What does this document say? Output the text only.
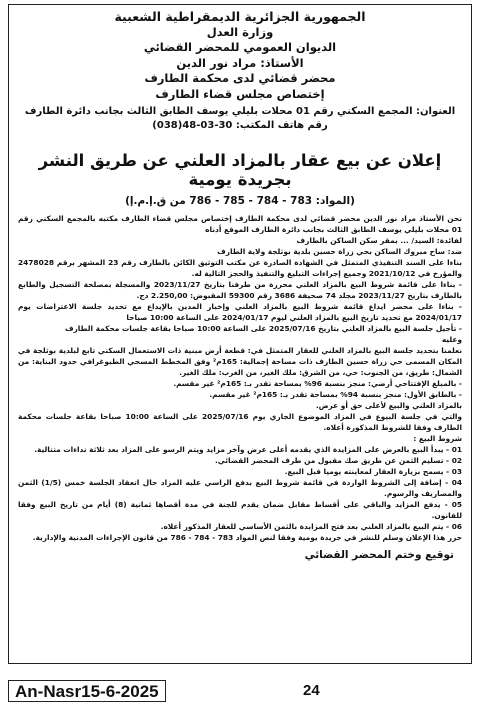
الجمهورية الجزائرية الديمقراطية الشعبية
وزارة العدل
الديوان العمومي للمحضر القضائي
الأستاذ: مراد نور الدين
محضر قضائي لدى محكمة الطارف
إختصاص مجلس قضاء الطارف
العنوان: المجمع السكني رقم 01 محلات بليلي يوسف الطابق الثالث بجانب دائرة الطارف
رقم هاتف المكتب: 30-03-48(038)
إعلان عن بيع عقار بالمزاد العلني عن طريق النشر بجريدة يومية
(المواد: 783 - 784 - 785 - 786 من ق.إ.م.إ)

نحن الأستاذ مراد نور الدين محضر قضائي لدى محكمة الطارف إختصاص مجلس قضاء الطارف مكتبه بالمجمع السكني رقم 01 محلات بليلي يوسف الطابق الثالث بجانب دائرة الطارف الموقع أدناه

لفائدة: السيد/ ... بمقر سكن الساكن بالطارف

ضد: ساح مبروك الساكن بحي زراة حسين بلدية بوثلجة ولاية الطارف

بناءا على السند التنفيذي المتمثل في الشهادة الصادرة عن مكتب التوثيق الكائن بالطارف رقم 23 المشهر برقم 2478028 والمؤرخ في 2021/10/12 وجميع إجراءات التبليغ والتنفيذ والحجز التالية له.

- بناءا على قائمة شروط البيع بالمزاد العلني محررة من طرفنا بتاريخ 2023/11/27 والمسجلة بمصلحة التسجيل والطابع بالطارف بتاريخ 2023/11/27 مجلد 74 صحيفة 3686 رقم 59300 المقبوض: 2.250,00 دج.

- بناءا على محضر ايداع قائمة شروط البيع بالمزاد العلني وإخبار المدين بالإيداع مع تحديد جلسة الاعتراضات يوم 2024/01/17 مع تحديد تاريخ البيع بالمزاد العلني ليوم 2024/01/17 على الساعة 10:00 صباحا

- تأجيل جلسة البيع بالمزاد العلني بتاريخ 2025/07/16 على الساعة 10:00 صباحا بقاعة جلسات محكمة الطارف

وعليه

نعلمنا بتحديد جلسة البيع بالمزاد العلني للعقار المتمثل في: قطعة أرض مبنية ذات الاستعمال السكني تابع لبلدية بوثلجة في المكان المسمى حي زراة حسين الطارف ذات مساحة إجمالية: 165م² وفق المخطط المسحي الطبوغرافي حدود البناية: من الشمال: طريق، من الجنوب: حي، من الشرق: ملك الغير، من الغرب: ملك الغير.

- بالمبلغ الإفتتاحي أرضي: منجز بنسبة 96% بمساحة تقدر بـ: 165م² غير مقسم.

- بالطابق الأول: منجز بنسبة 94% بمساحة تقدر بـ: 165م² غير مقسم.

بالمزاد العلني والبيع لأعلى حق أو عرض.

والتي في جلسة البيوع في المزاد الموضوع الجاري يوم 2025/07/16 على الساعة 10:00 صباحا بقاعة جلسات محكمة الطارف وفقا للشروط المذكورة أعلاه.

شروط البيع :

01 - يبدأ البيع بالعرض على المزايدة الذي يقدمه أعلى عرض وآخر مزايد ويتم الرسو على المزاد بعد ثلاثة نداءات متتالية.

02 - تسليم الثمن عن طريق صك مقبول من طرف المحضر القضائي.

03 - يسمح بزيارة العقار لمعاينته يوميا قبل البيع.

04 - إضافة إلى الشروط الواردة في قائمة شروط البيع بدفع الراسي عليه المزاد حال انعقاد الجلسة خمس (1/5) الثمن والمصاريف والرسوم.

05 - يدفع المزايد والباقي على أقساط مقابل ضمان يقدم للجنة في مدة أقصاها ثمانية (8) أيام من تاريخ البيع وفقا للقانون.

06 - يتم البيع بالمزاد العلني بعد فتح المزايدة بالثمن الأساسي للعقار المذكور أعلاه.

حرر هذا الإعلان وسلم للنشر في جريدة يومية وفقا لنص المواد 783 - 784 - 786 من قانون الإجراءات المدنية والإدارية.

توقيع وختم المحضر القضائي
An-Nasr15-6-2025	24
